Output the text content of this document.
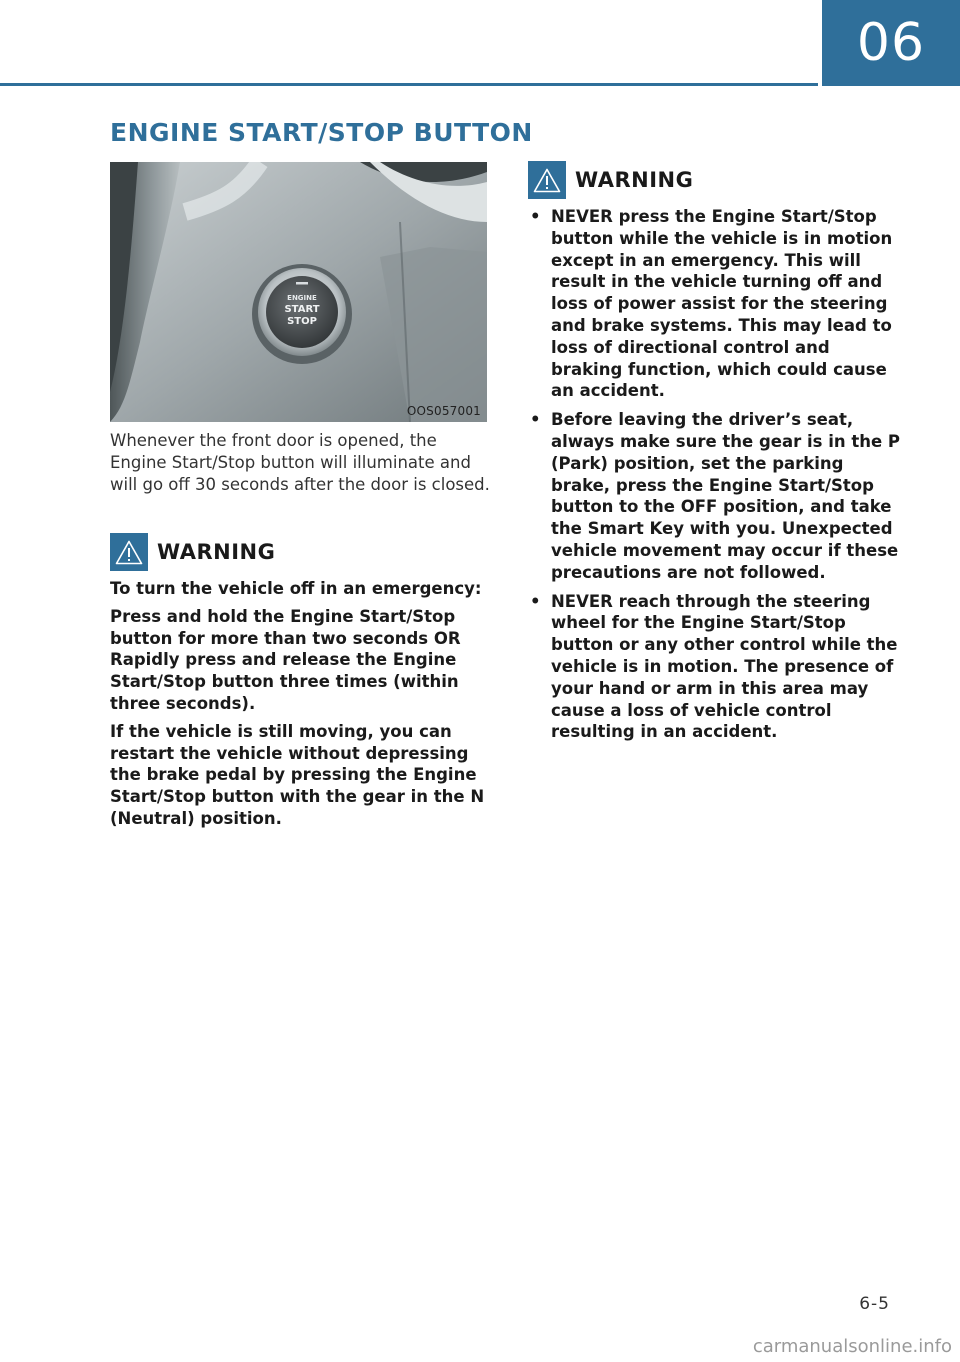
06
ENGINE START/STOP BUTTON
ENGINE
START
STOP
OOS057001

Whenever the front door is opened, the Engine Start/Stop button will illuminate and will go off 30 seconds after the door is closed.

WARNING

To turn the vehicle off in an emergency:

Press and hold the Engine Start/Stop button for more than two seconds OR Rapidly press and release the Engine Start/Stop button three times (within three seconds).

If the vehicle is still moving, you can restart the vehicle without depressing the brake pedal by pressing the Engine Start/Stop button with the gear in the N (Neutral) position.

WARNING
• NEVER press the Engine Start/Stop button while the vehicle is in motion except in an emergency. This will result in the vehicle turning off and loss of power assist for the steering and brake systems. This may lead to loss of directional control and braking function, which could cause an accident.
• Before leaving the driver’s seat, always make sure the gear is in the P (Park) position, set the parking brake, press the Engine Start/Stop button to the OFF position, and take the Smart Key with you. Unexpected vehicle movement may occur if these precautions are not followed.
• NEVER reach through the steering wheel for the Engine Start/Stop button or any other control while the vehicle is in motion. The presence of your hand or arm in this area may cause a loss of vehicle control resulting in an accident.
6-5
carmanualsonline.info
